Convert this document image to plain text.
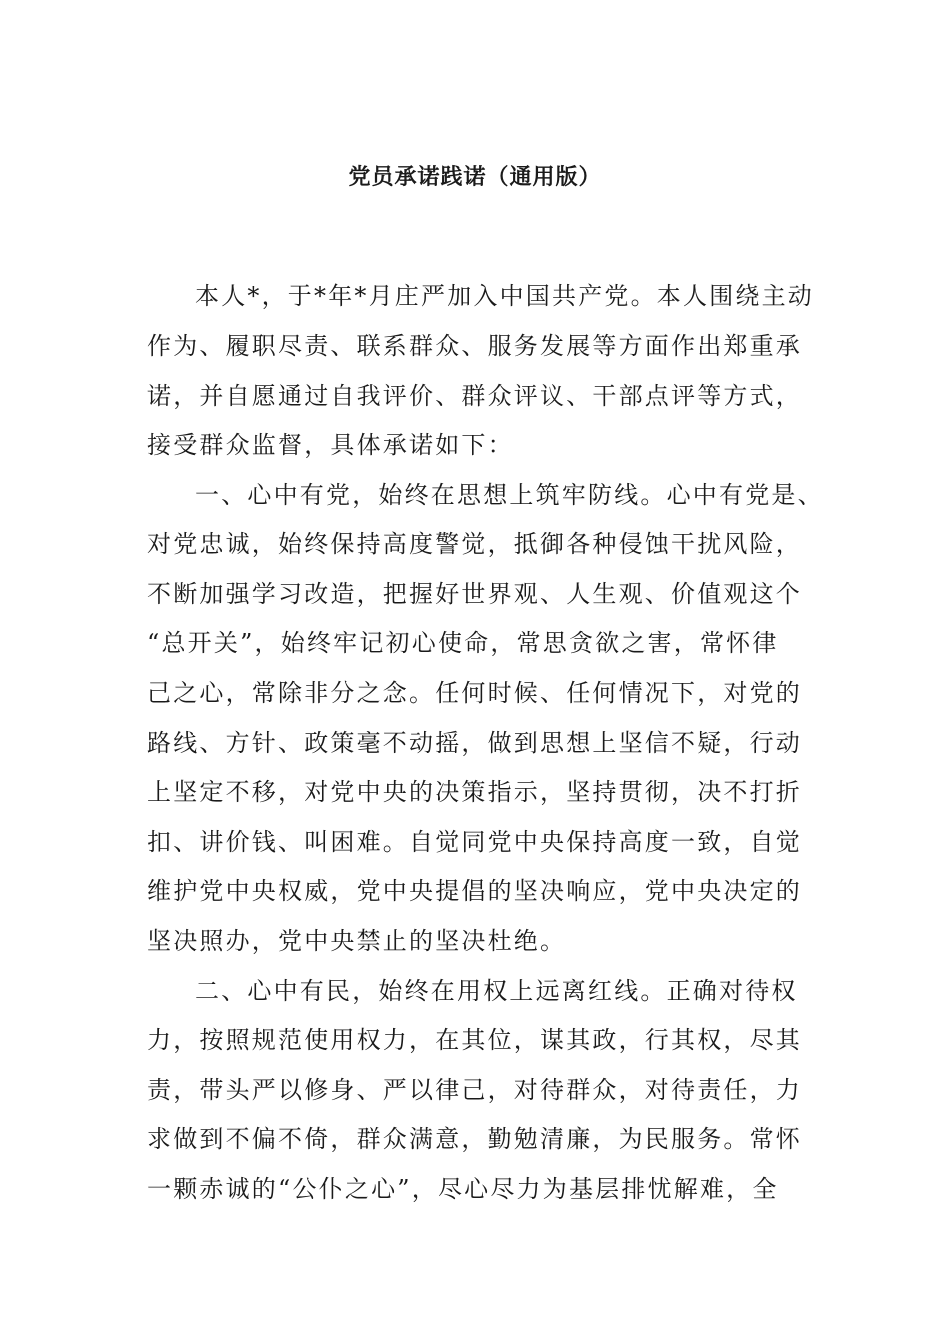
党员承诺践诺（通用版）
本人*，于*年*月庄严加入中国共产党。本人围绕主动
作为、履职尽责、联系群众、服务发展等方面作出郑重承
诺，并自愿通过自我评价、群众评议、干部点评等方式，
接受群众监督，具体承诺如下：
一、心中有党，始终在思想上筑牢防线。心中有党是、
对党忠诚，始终保持高度警觉，抵御各种侵蚀干扰风险，
不断加强学习改造，把握好世界观、人生观、价值观这个
“总开关”，始终牢记初心使命，常思贪欲之害，常怀律
己之心，常除非分之念。任何时候、任何情况下，对党的
路线、方针、政策毫不动摇，做到思想上坚信不疑，行动
上坚定不移，对党中央的决策指示，坚持贯彻，决不打折
扣、讲价钱、叫困难。自觉同党中央保持高度一致，自觉
维护党中央权威，党中央提倡的坚决响应，党中央决定的
坚决照办，党中央禁止的坚决杜绝。
二、心中有民，始终在用权上远离红线。正确对待权
力，按照规范使用权力，在其位，谋其政，行其权，尽其
责，带头严以修身、严以律己，对待群众，对待责任，力
求做到不偏不倚，群众满意，勤勉清廉，为民服务。常怀
一颗赤诚的“公仆之心”，尽心尽力为基层排忧解难，全
